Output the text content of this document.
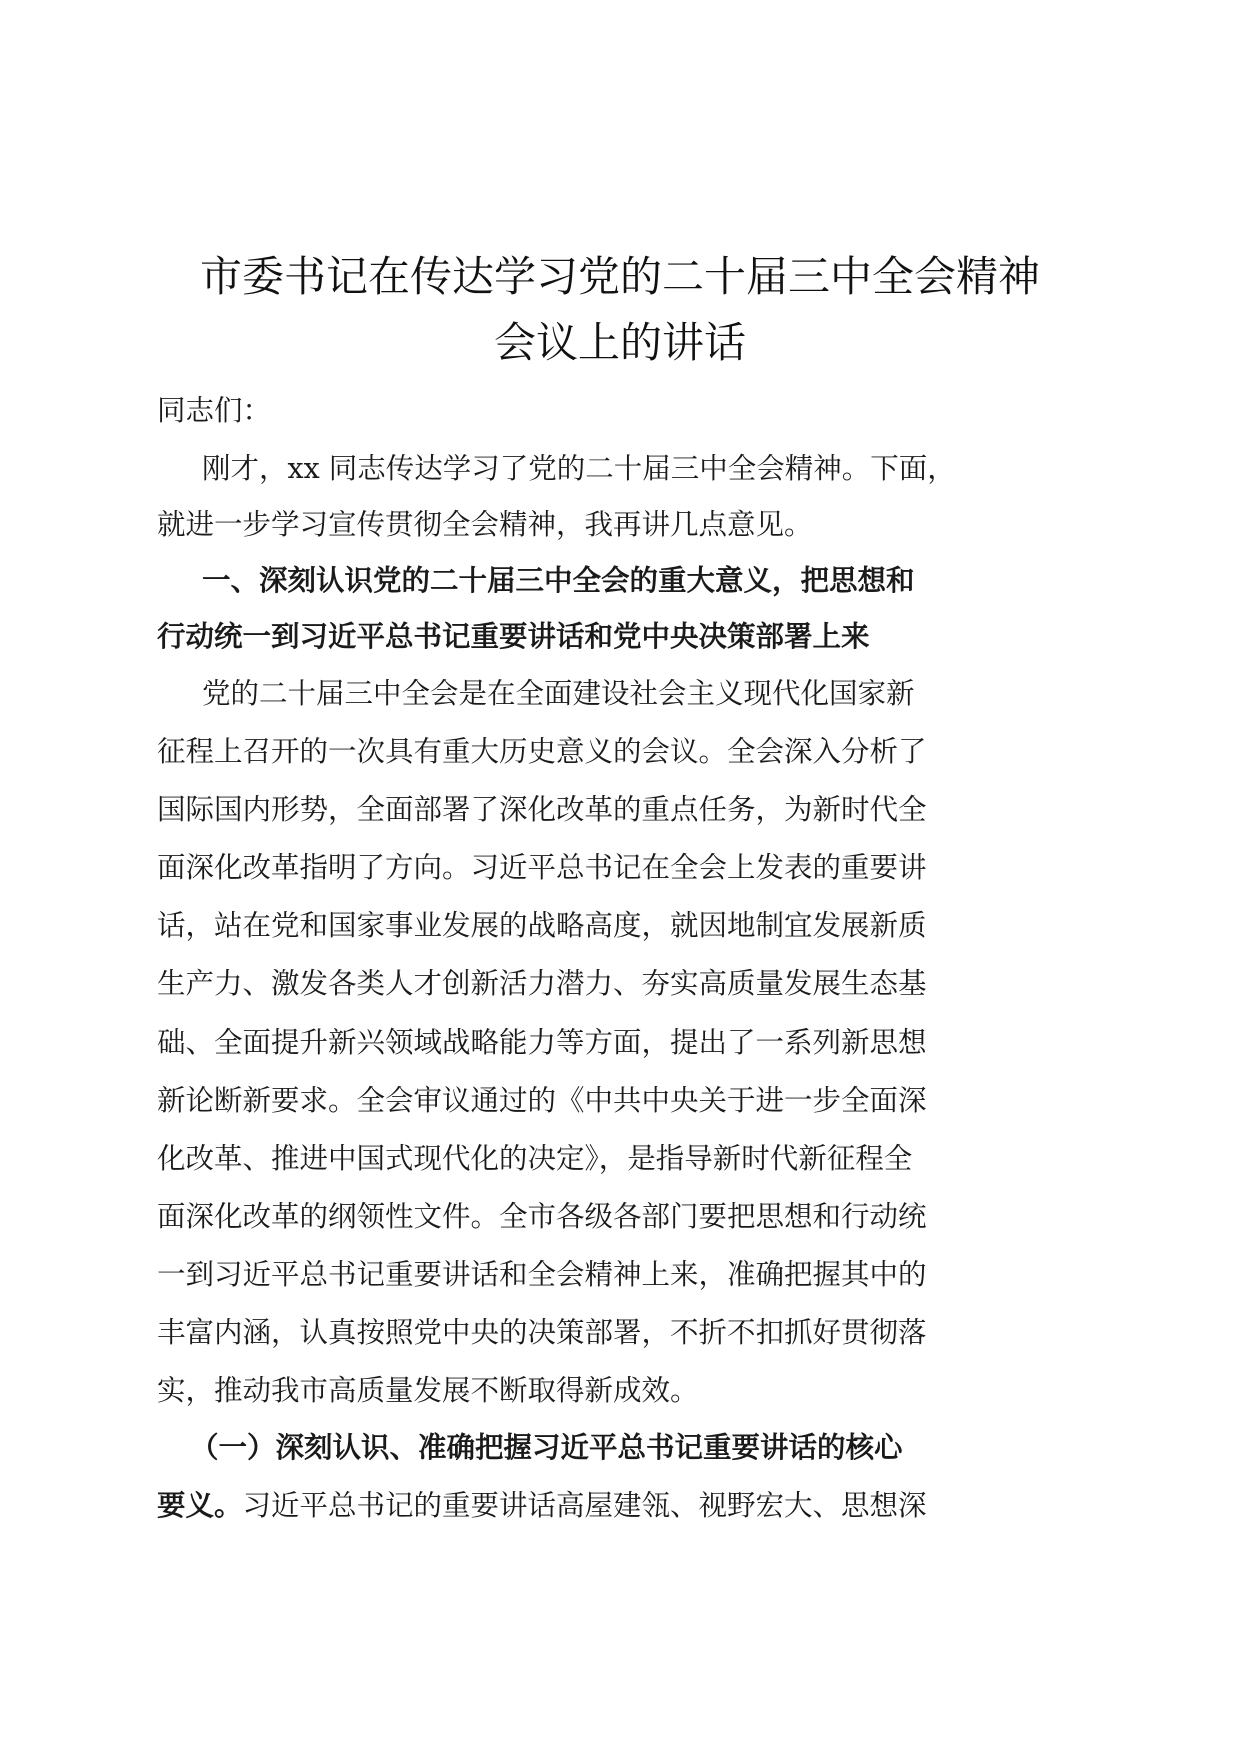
市委书记在传达学习党的二十届三中全会精神
会议上的讲话

同志们：

刚才，xx 同志传达学习了党的二十届三中全会精神。下面，

就进一步学习宣传贯彻全会精神，我再讲几点意见。

一、深刻认识党的二十届三中全会的重大意义，把思想和

行动统一到习近平总书记重要讲话和党中央决策部署上来

党的二十届三中全会是在全面建设社会主义现代化国家新
征程上召开的一次具有重大历史意义的会议。全会深入分析了
国际国内形势，全面部署了深化改革的重点任务，为新时代全
面深化改革指明了方向。习近平总书记在全会上发表的重要讲
话，站在党和国家事业发展的战略高度，就因地制宜发展新质
生产力、激发各类人才创新活力潜力、夯实高质量发展生态基
础、全面提升新兴领域战略能力等方面，提出了一系列新思想
新论断新要求。全会审议通过的《中共中央关于进一步全面深
化改革、推进中国式现代化的决定》，是指导新时代新征程全
面深化改革的纲领性文件。全市各级各部门要把思想和行动统
一到习近平总书记重要讲话和全会精神上来，准确把握其中的
丰富内涵，认真按照党中央的决策部署，不折不扣抓好贯彻落
实，推动我市高质量发展不断取得新成效。

（一）深刻认识、准确把握习近平总书记重要讲话的核心

要义。习近平总书记的重要讲话高屋建瓴、视野宏大、思想深
